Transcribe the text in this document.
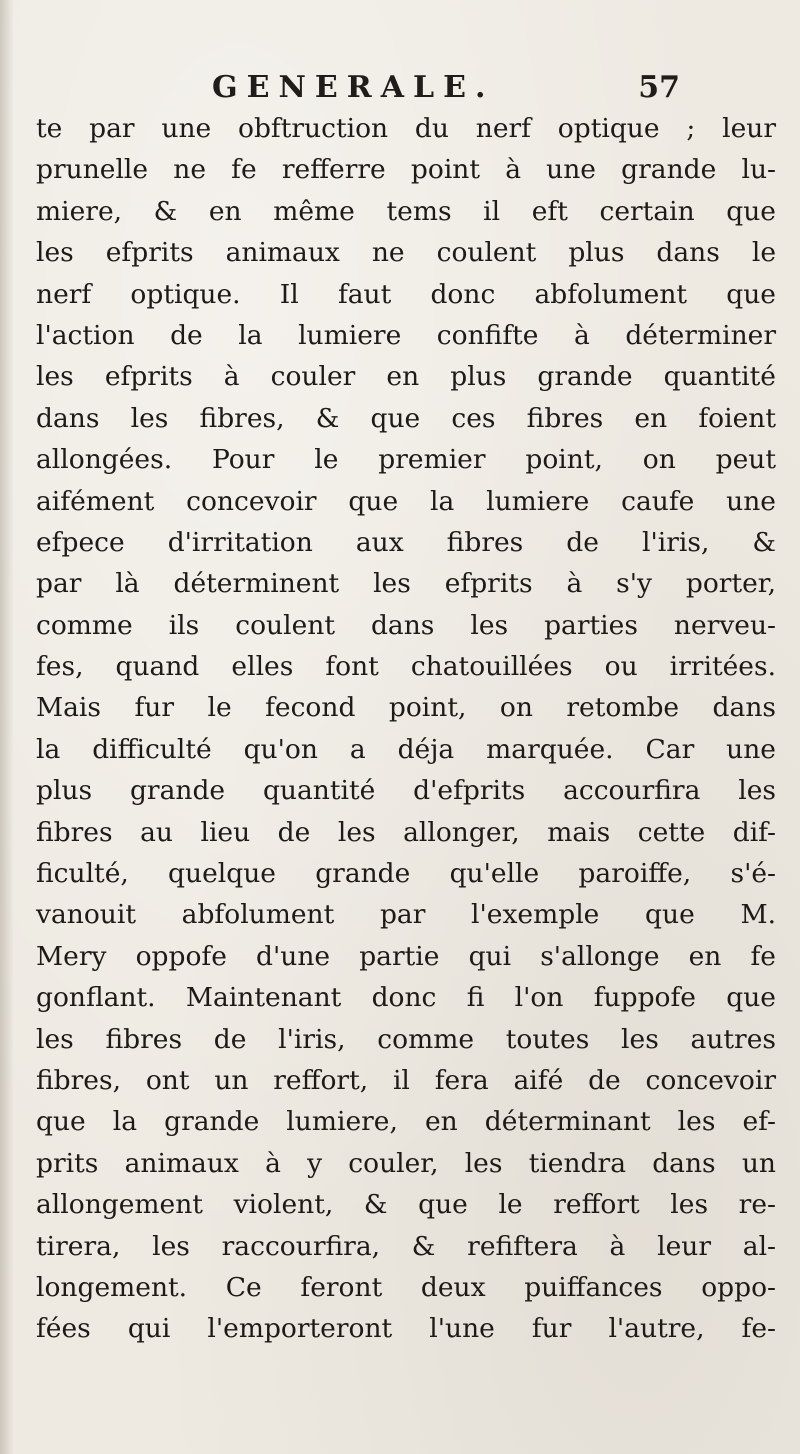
GENERALE.	57
te par une obftruction du nerf optique ; leur
prunelle ne fe refferre point à une grande lu-
miere, & en même tems il eft certain que
les efprits animaux ne coulent plus dans le
nerf optique. Il faut donc abfolument que
l'action de la lumiere confifte à déterminer
les efprits à couler en plus grande quantité
dans les fibres, & que ces fibres en foient
allongées. Pour le premier point, on peut
aifément concevoir que la lumiere caufe une
efpece d'irritation aux fibres de l'iris, &
par là déterminent les efprits à s'y porter,
comme ils coulent dans les parties nerveu-
fes, quand elles font chatouillées ou irritées.
Mais fur le fecond point, on retombe dans
la difficulté qu'on a déja marquée. Car une
plus grande quantité d'efprits accourfira les
fibres au lieu de les allonger, mais cette dif-
ficulté, quelque grande qu'elle paroiffe, s'é-
vanouit abfolument par l'exemple que M.
Mery oppofe d'une partie qui s'allonge en fe
gonflant. Maintenant donc fi l'on fuppofe que
les fibres de l'iris, comme toutes les autres
fibres, ont un reffort, il fera aifé de concevoir
que la grande lumiere, en déterminant les ef-
prits animaux à y couler, les tiendra dans un
allongement violent, & que le reffort les re-
tirera, les raccourfira, & refiftera à leur al-
longement. Ce feront deux puiffances oppo-
fées qui l'emporteront l'une fur l'autre, fe-
